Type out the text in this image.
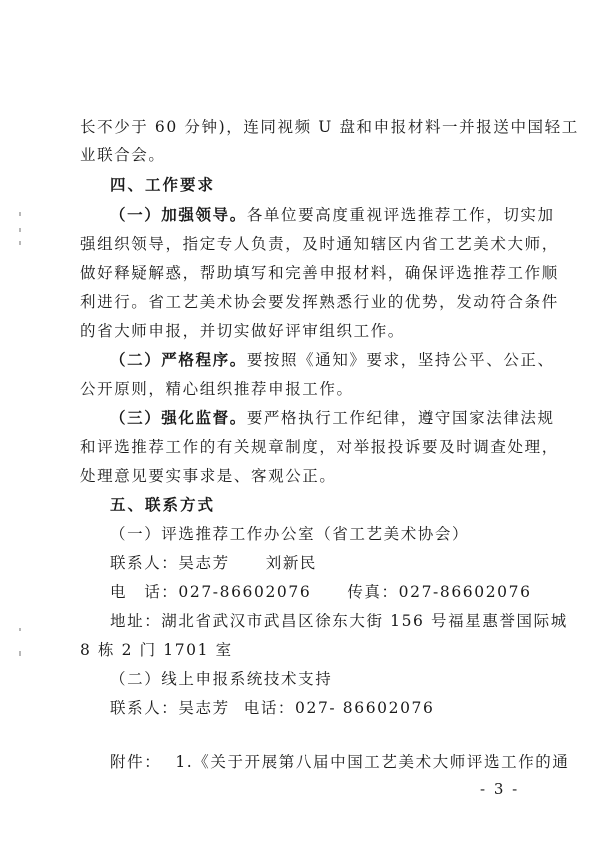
长不少于 60 分钟)，连同视频 U 盘和申报材料一并报送中国轻工
业联合会。
四、工作要求
（一）加强领导。各单位要高度重视评选推荐工作，切实加
强组织领导，指定专人负责，及时通知辖区内省工艺美术大师，
做好释疑解惑，帮助填写和完善申报材料，确保评选推荐工作顺
利进行。省工艺美术协会要发挥熟悉行业的优势，发动符合条件
的省大师申报，并切实做好评审组织工作。
（二）严格程序。要按照《通知》要求，坚持公平、公正、
公开原则，精心组织推荐申报工作。
（三）强化监督。要严格执行工作纪律，遵守国家法律法规
和评选推荐工作的有关规章制度，对举报投诉要及时调查处理，
处理意见要实事求是、客观公正。
五、联系方式
（一）评选推荐工作办公室（省工艺美术协会）
联系人：吴志芳 刘新民
电　话：027-86602076 传真：027-86602076
地址：湖北省武汉市武昌区徐东大街 156 号福星惠誉国际城
8 栋 2 门 1701 室
（二）线上申报系统技术支持
联系人：吴志芳 电话：027- 86602076
附件： 1.《关于开展第八届中国工艺美术大师评选工作的通
- 3 -
